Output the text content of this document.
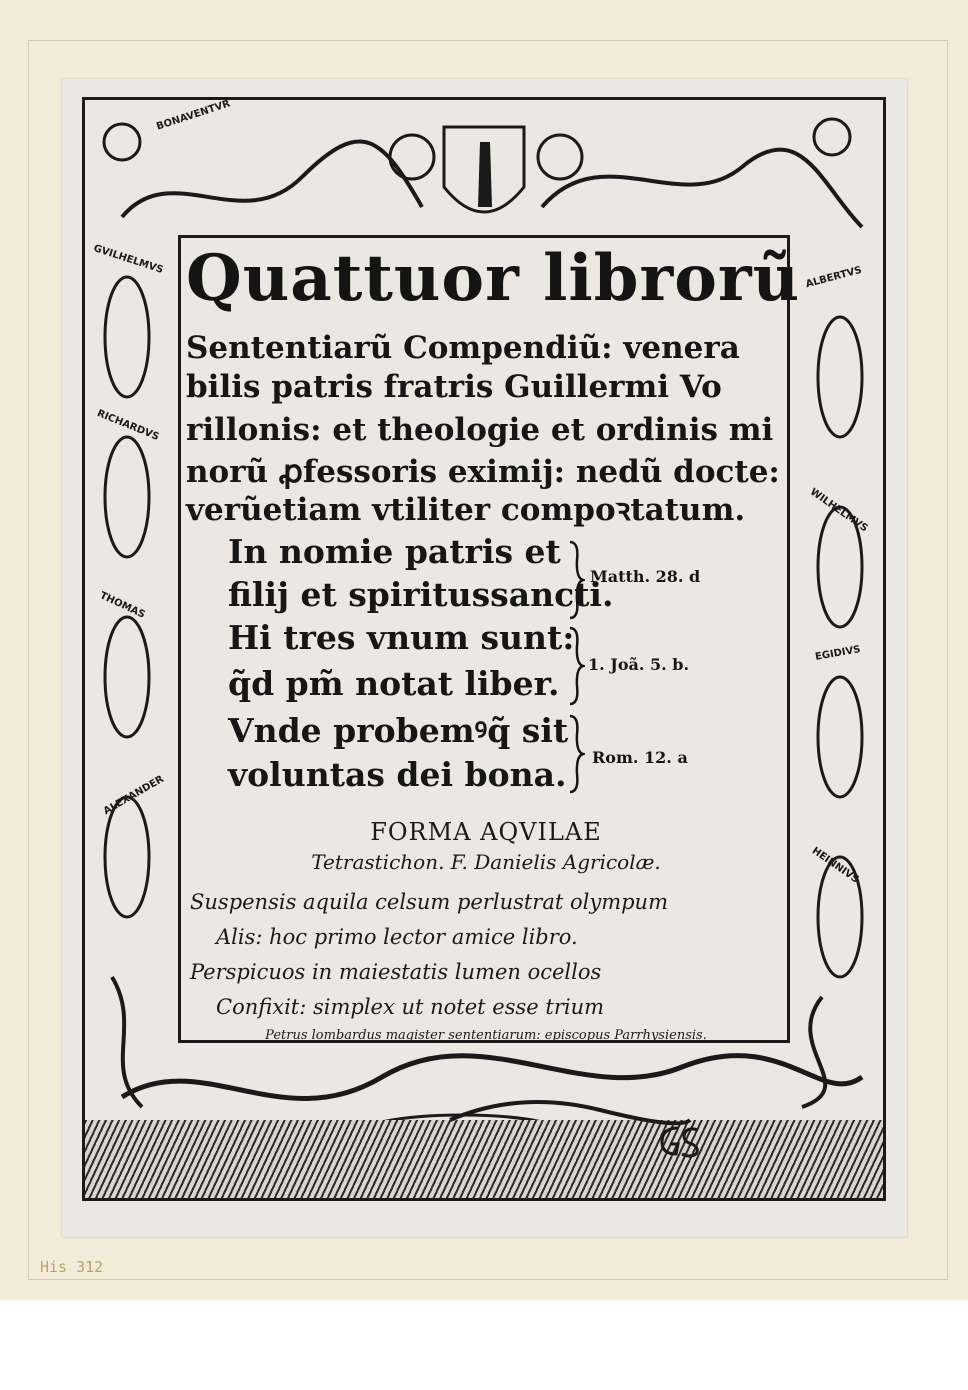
BONAVENTVR
GVILHELMVS
RICHARDVS
THOMAS
ALEXANDER
ALBERTVS
WILHELMVS
EGIDIVS
HEINNIVS
Quattuor librorũ
Sententiarũ Compendiũ: venera
bilis patris fratris Guillermi Vo
rillonis: et theologie et ordinis mi
norũ ꝓfessoris eximij: nedũ docte:
verũetiam vtiliter compoꝛtatum.
In nomie patris et
filij et spiritussancti.
Hi tres vnum sunt:
q̃d pm̃ notat liber.
Vnde probemꝰq̃ sit
voluntas dei bona.
Matth. 28. d
1. Joã. 5. b.
Rom. 12. a
FORMA AQVILAE
Tetrastichon. F. Danielis Agricolæ.
Suspensis aquila celsum perlustrat olympum
Alis: hoc primo lector amice libro.
Perspicuos in maiestatis lumen ocellos
Confixit: simplex ut notet esse trium
Petrus lombardus magister sententiarum: episcopus Parrhysiensis.
His 312
